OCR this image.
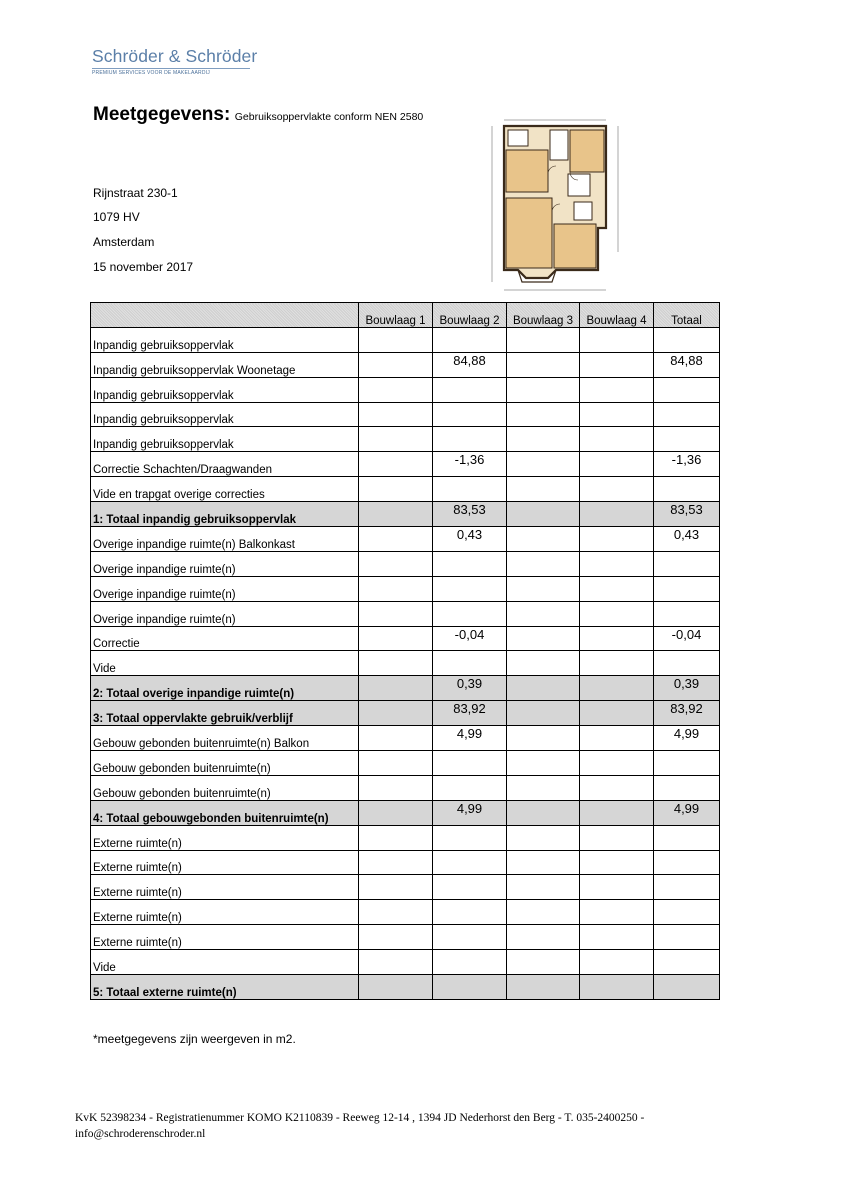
Schröder & Schröder
PREMIUM SERVICES VOOR DE MAKELAARDIJ
Meetgegevens: Gebruiksoppervlakte conform NEN 2580
Rijnstraat 230-1
1079 HV
Amsterdam
15 november 2017
	Bouwlaag 1	Bouwlaag 2	Bouwlaag 3	Bouwlaag 4	Totaal
Inpandig gebruiksoppervlak					
Inpandig gebruiksoppervlak Woonetage		84,88			84,88
Inpandig gebruiksoppervlak					
Inpandig gebruiksoppervlak					
Inpandig gebruiksoppervlak					
Correctie Schachten/Draagwanden		-1,36			-1,36
Vide en trapgat overige correcties					
1: Totaal inpandig gebruiksoppervlak		83,53			83,53
Overige inpandige ruimte(n) Balkonkast		0,43			0,43
Overige inpandige ruimte(n)					
Overige inpandige ruimte(n)					
Overige inpandige ruimte(n)					
Correctie		-0,04			-0,04
Vide					
2: Totaal overige inpandige ruimte(n)		0,39			0,39
3: Totaal oppervlakte gebruik/verblijf		83,92			83,92
Gebouw gebonden buitenruimte(n) Balkon		4,99			4,99
Gebouw gebonden buitenruimte(n)					
Gebouw gebonden buitenruimte(n)					
4: Totaal gebouwgebonden buitenruimte(n)		4,99			4,99
Externe ruimte(n)					
Externe ruimte(n)					
Externe ruimte(n)					
Externe ruimte(n)					
Externe ruimte(n)					
Vide					
5: Totaal externe ruimte(n)					
*meetgegevens zijn weergeven in m2.
KvK 52398234 - Registratienummer KOMO K2110839 - Reeweg 12-14 , 1394 JD Nederhorst den Berg - T. 035-2400250 -
info@schroderenschroder.nl
